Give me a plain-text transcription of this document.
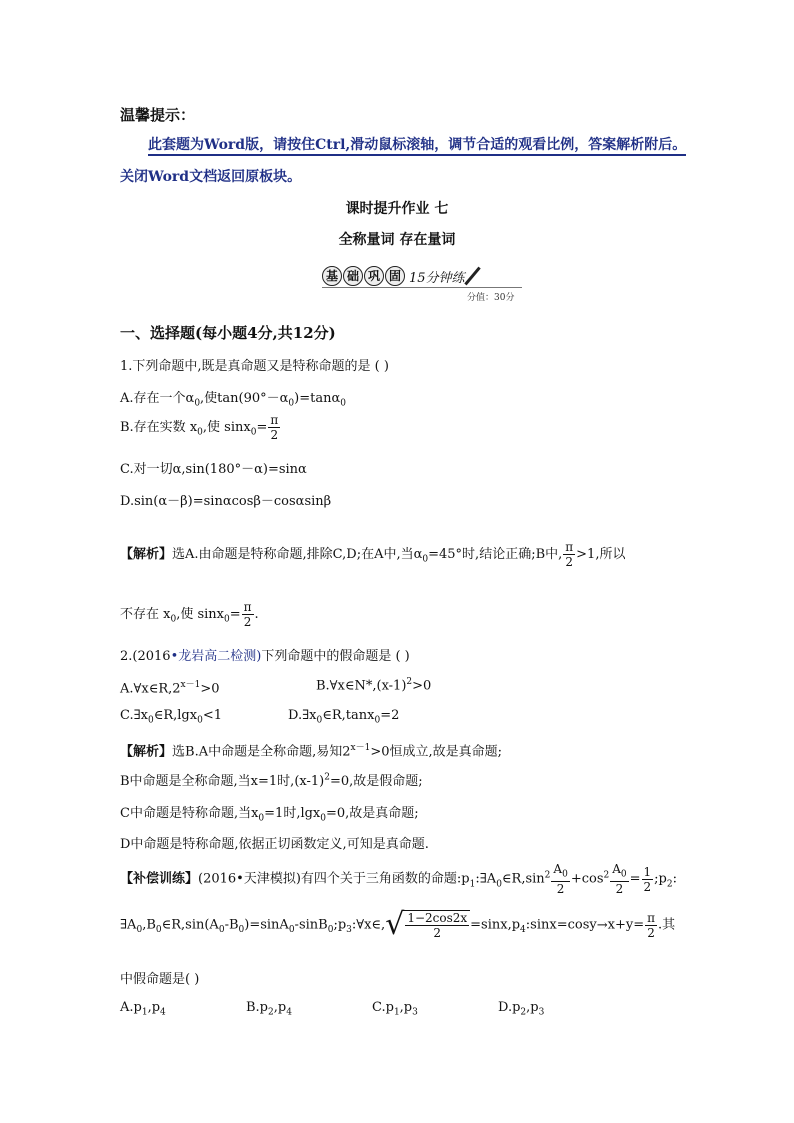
温馨提示：
此套题为Word版，请按住Ctrl,滑动鼠标滚轴，调节合适的观看比例，答案解析附后。
关闭Word文档返回原板块。
课时提升作业 七
全称量词 存在量词
基 础 巩 固 15分钟练
分值：30分
一、选择题(每小题4分,共12分)
1.下列命题中,既是真命题又是特称命题的是 ( )
A.存在一个$\alpha_0$,使$\tan(90^\circ-\alpha_0)=\tan\alpha_0$
B.存在实数 $x_0$,使 $\sin x_0= \frac{\pi}{2}$
C.对一切α,sin(180°－α)=sinα
D.sin(α－β)=sinαcosβ－cosαsinβ
【解析】选A.由命题是特称命题,排除C,D;在A中,当$\alpha_0=45^\circ$时,结论正确;B中, $\frac{\pi}{2} >1$,所以
不存在 $x_0$,使 $\sin x_0= \frac{\pi}{2}$ .
2.(2016•龙岩高二检测)下列命题中的假命题是 ( )
$A.\forall x\in R,2^{x-1}>0$	$B.\forall x\in N*,(x-1)^2>0$
$C.\exists x_0\in R,\lg x_0<1$	$D.\exists x_0\in R,\tan x_0=2$
【解析】选B.A中命题是全称命题,易知$2^{x-1}>0$恒成立,故是真命题;
B中命题是全称命题,当x=1时$,(x-1)^2=0$,故是假命题;
C中命题是特称命题,当$x_0=1$时,lgx$_0$=0,故是真命题;
D中命题是特称命题,依据正切函数定义,可知是真命题.
【补偿训练】(2016•天津模拟)有四个关于三角函数的命题$:p_1:\exists A_0\in R,\sin^2 \frac{A_0}{2} +\cos^2 \frac{A_0}{2} = \frac{1}{2}$ $;p_2$:
$\exists A_0,B_0\in R,\sin(A_0-B_0)=\sin A_0-\sin B_0;p_3:\forall x\in$, √ $\frac{1-2\cos 2x}{2}$ $=\sin x,p_4:\sin x=\cos y\to x+y= \frac{\pi}{2}$ .其
中假命题是( )
$A.p_1,p_4$	$B.p_2,p_4$	$C.p_1,p_3$	$D.p_2,p_3$
